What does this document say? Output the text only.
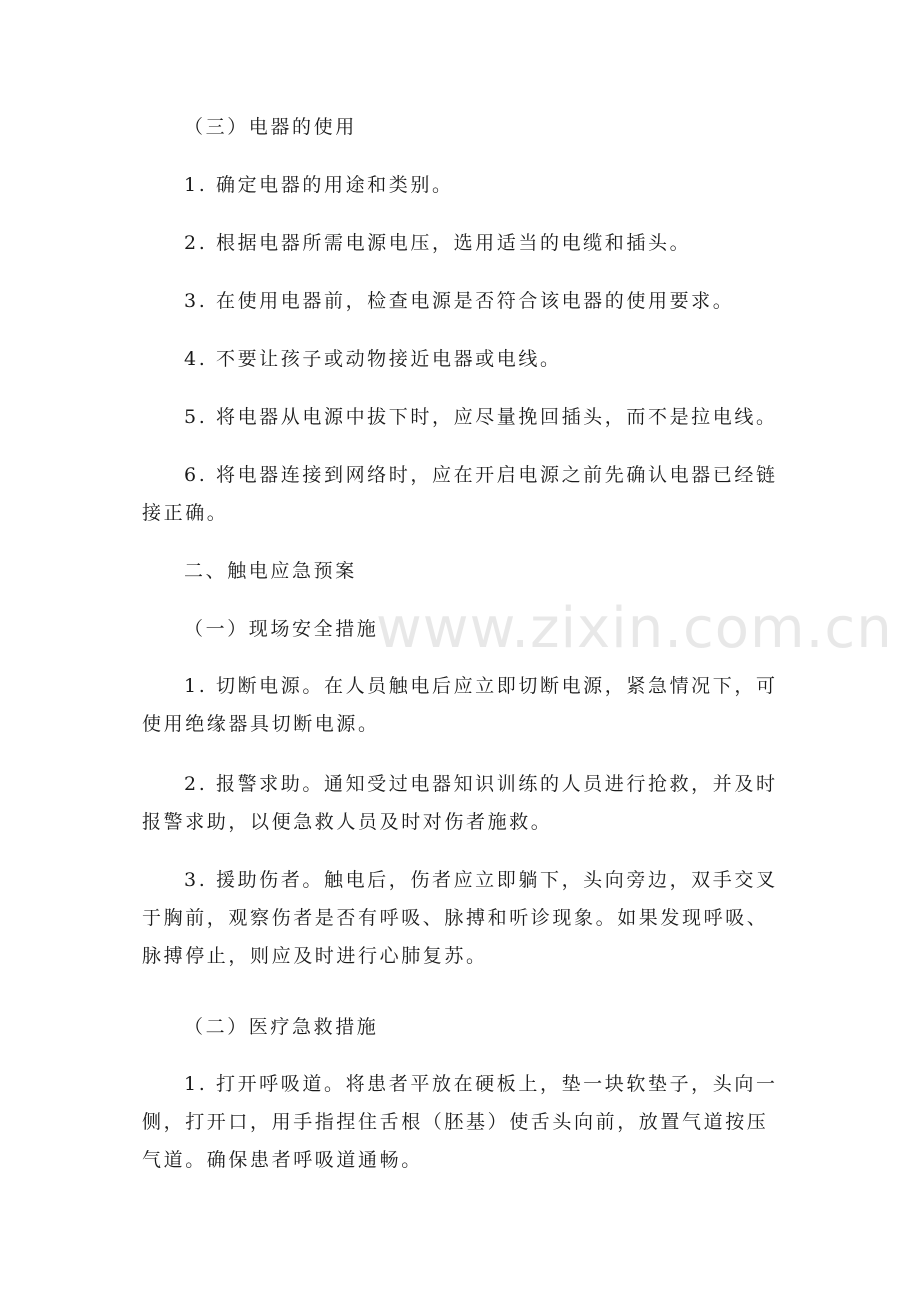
（三）电器的使用

1. 确定电器的用途和类别。

2. 根据电器所需电源电压，选用适当的电缆和插头。

3. 在使用电器前，检查电源是否符合该电器的使用要求。

4. 不要让孩子或动物接近电器或电线。

5. 将电器从电源中拔下时，应尽量挽回插头，而不是拉电线。

6. 将电器连接到网络时，应在开启电源之前先确认电器已经链接正确。

二、触电应急预案

（一）现场安全措施

1. 切断电源。在人员触电后应立即切断电源，紧急情况下，可使用绝缘器具切断电源。

2. 报警求助。通知受过电器知识训练的人员进行抢救，并及时报警求助，以便急救人员及时对伤者施救。

3. 援助伤者。触电后，伤者应立即躺下，头向旁边，双手交叉于胸前，观察伤者是否有呼吸、脉搏和听诊现象。如果发现呼吸、脉搏停止，则应及时进行心肺复苏。

（二）医疗急救措施

1. 打开呼吸道。将患者平放在硬板上，垫一块软垫子，头向一侧，打开口，用手指捏住舌根（胚基）使舌头向前，放置气道按压气道。确保患者呼吸道通畅。

www.zixin.com.cn
